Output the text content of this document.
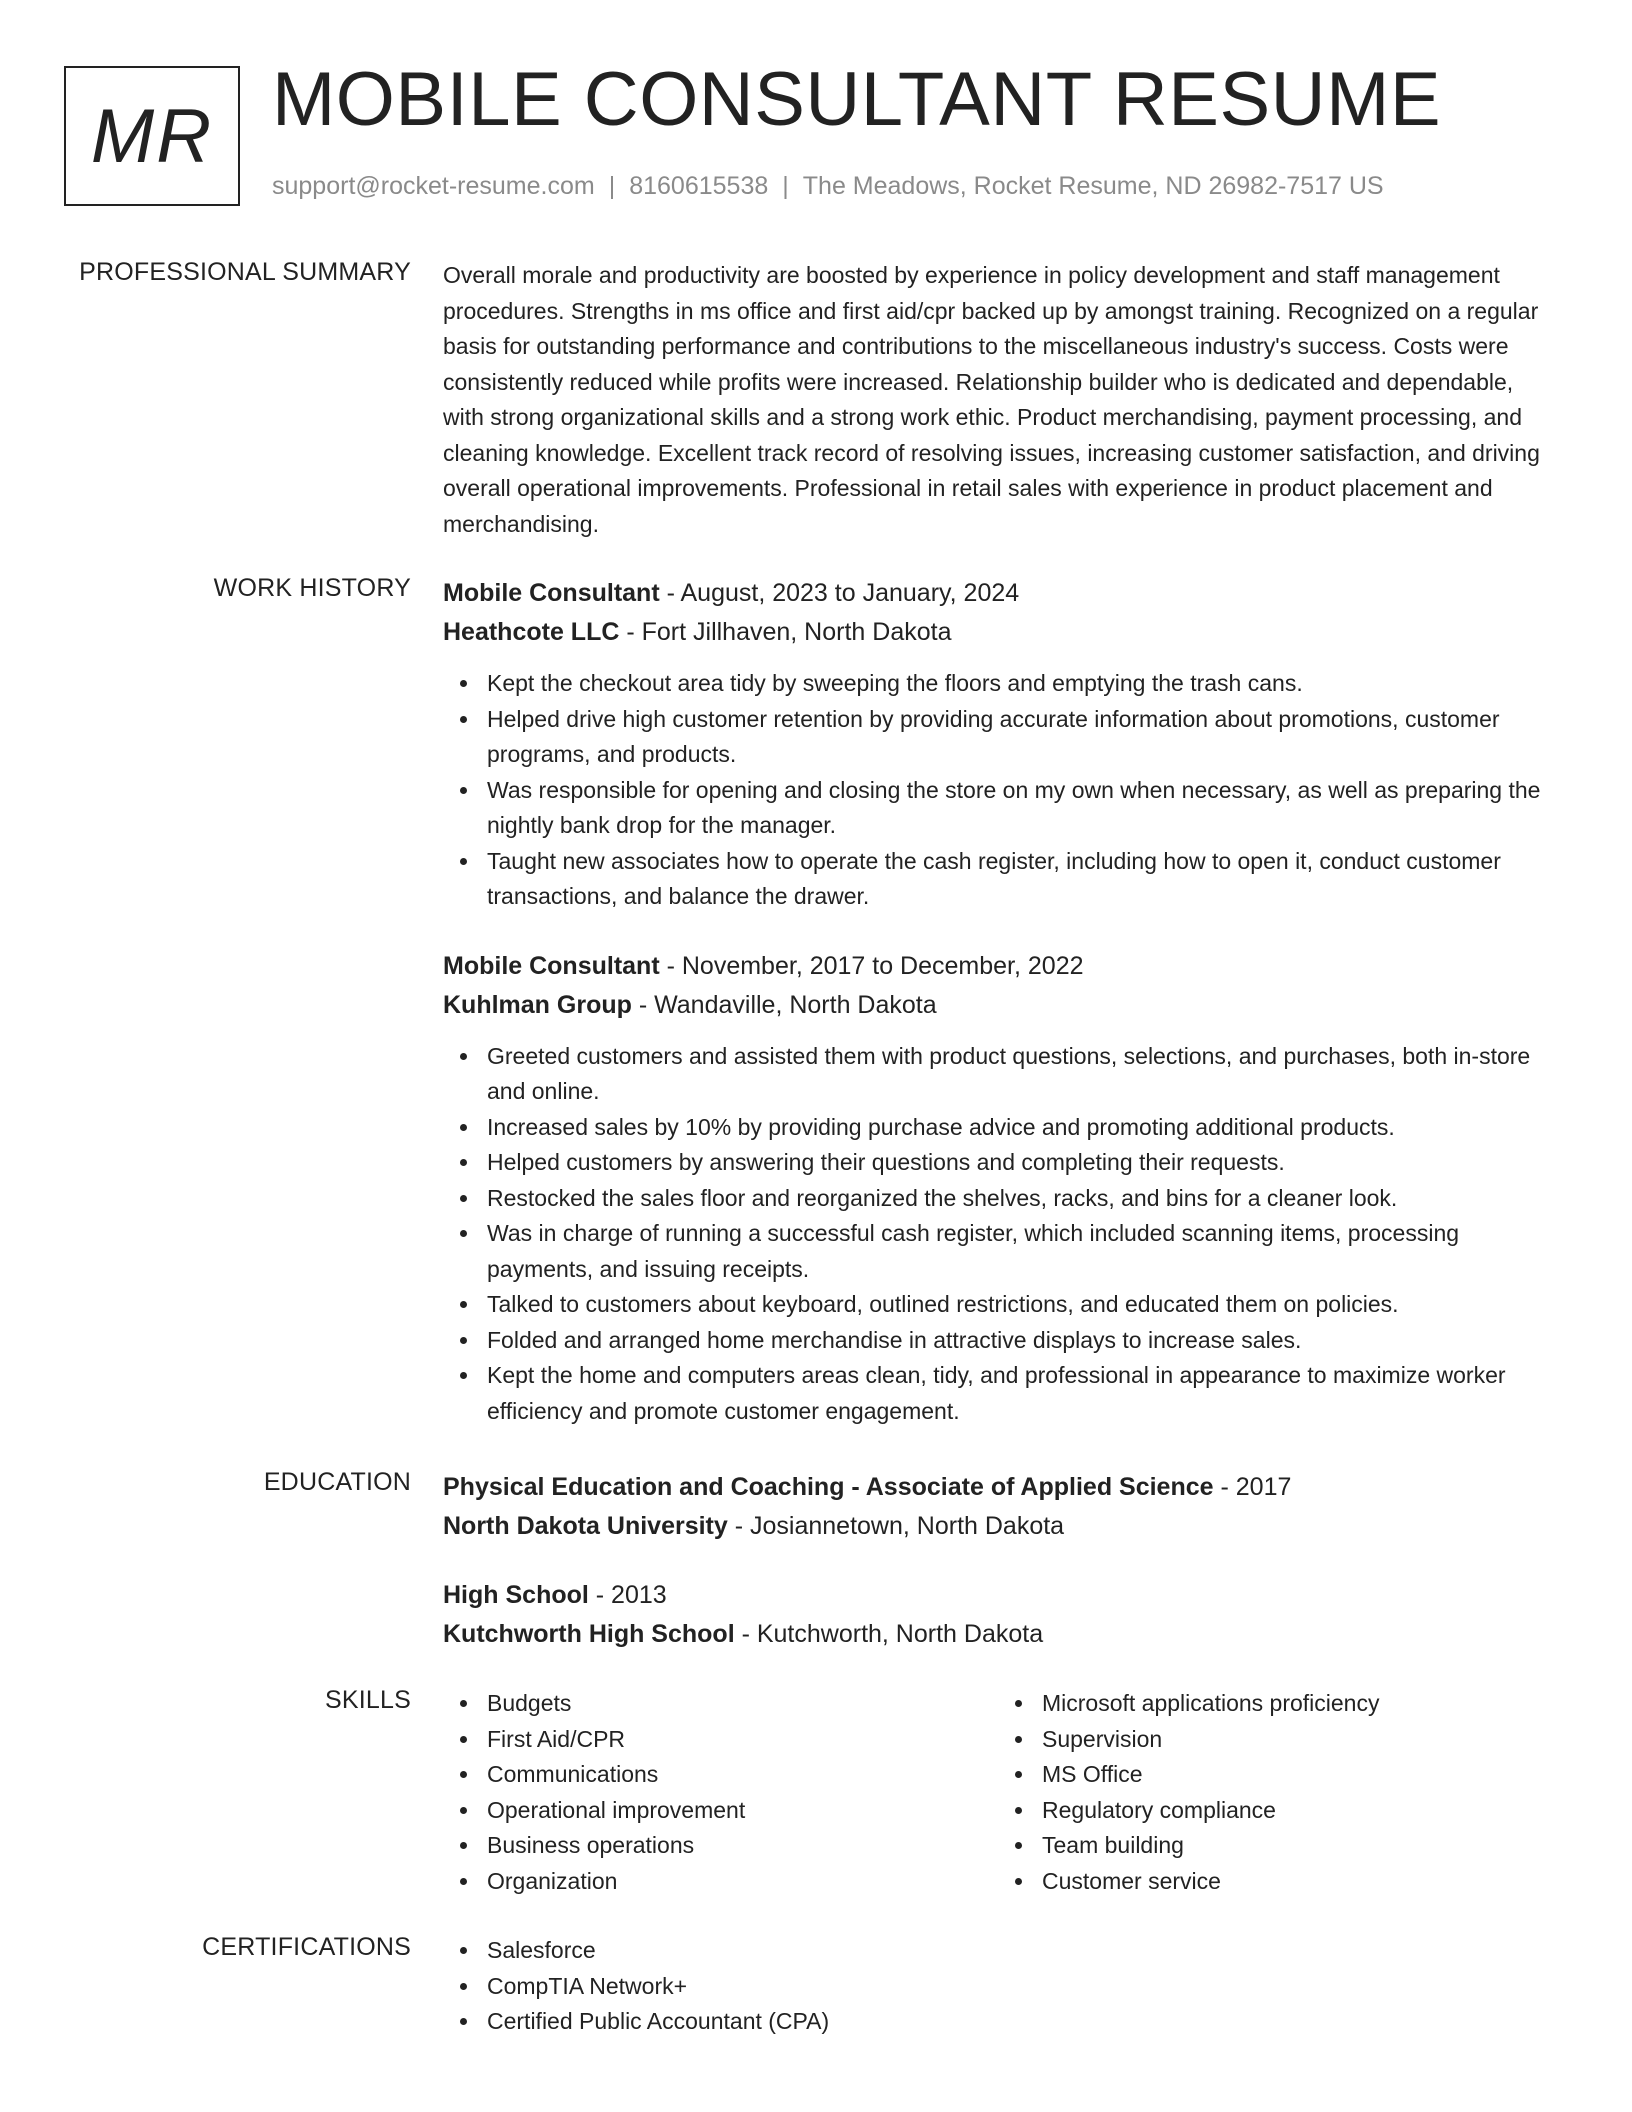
MR MOBILE CONSULTANT RESUME
support@rocket-resume.com | 8160615538 | The Meadows, Rocket Resume, ND 26982-7517 US
PROFESSIONAL SUMMARY Overall morale and productivity are boosted by experience in policy development and staff management procedures. Strengths in ms office and first aid/cpr backed up by amongst training. Recognized on a regular basis for outstanding performance and contributions to the miscellaneous industry's success. Costs were consistently reduced while profits were increased. Relationship builder who is dedicated and dependable, with strong organizational skills and a strong work ethic. Product merchandising, payment processing, and cleaning knowledge. Excellent track record of resolving issues, increasing customer satisfaction, and driving overall operational improvements. Professional in retail sales with experience in product placement and merchandising.

WORK HISTORY Mobile Consultant - August, 2023 to January, 2024
Heathcote LLC - Fort Jillhaven, North Dakota
Kept the checkout area tidy by sweeping the floors and emptying the trash cans.
Helped drive high customer retention by providing accurate information about promotions, customer programs, and products.
Was responsible for opening and closing the store on my own when necessary, as well as preparing the nightly bank drop for the manager.
Taught new associates how to operate the cash register, including how to open it, conduct customer transactions, and balance the drawer.
Mobile Consultant - November, 2017 to December, 2022
Kuhlman Group - Wandaville, North Dakota
Greeted customers and assisted them with product questions, selections, and purchases, both in-store and online.
Increased sales by 10% by providing purchase advice and promoting additional products.
Helped customers by answering their questions and completing their requests.
Restocked the sales floor and reorganized the shelves, racks, and bins for a cleaner look.
Was in charge of running a successful cash register, which included scanning items, processing payments, and issuing receipts.
Talked to customers about keyboard, outlined restrictions, and educated them on policies.
Folded and arranged home merchandise in attractive displays to increase sales.
Kept the home and computers areas clean, tidy, and professional in appearance to maximize worker efficiency and promote customer engagement.
EDUCATION Physical Education and Coaching - Associate of Applied Science - 2017
North Dakota University - Josiannetown, North Dakota
High School - 2013
Kutchworth High School - Kutchworth, North Dakota
SKILLS	Budgets
First Aid/CPR
Communications
Operational improvement
Business operations
Organization
Microsoft applications proficiency
Supervision
MS Office
Regulatory compliance
Team building
Customer service
CERTIFICATIONS	Salesforce
CompTIA Network+
Certified Public Accountant (CPA)
